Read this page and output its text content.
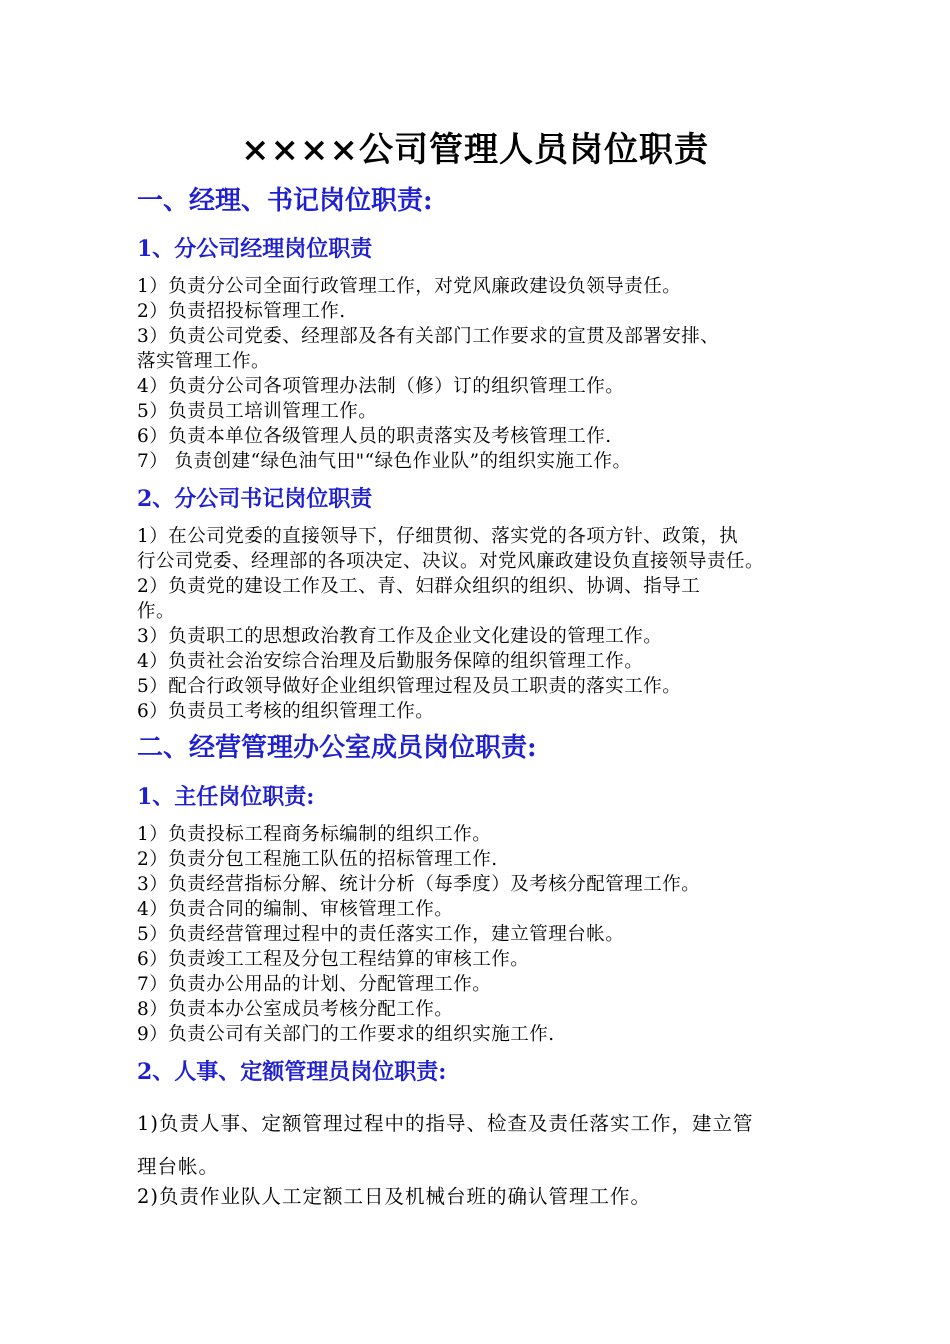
××××公司管理人员岗位职责
一、经理、书记岗位职责:
1、分公司经理岗位职责
1）负责分公司全面行政管理工作，对党风廉政建设负领导责任。
2）负责招投标管理工作.
3）负责公司党委、经理部及各有关部门工作要求的宣贯及部署安排、
落实管理工作。
4）负责分公司各项管理办法制（修）订的组织管理工作。
5）负责员工培训管理工作。
6）负责本单位各级管理人员的职责落实及考核管理工作.
7） 负责创建“绿色油气田"“绿色作业队”的组织实施工作。
2、分公司书记岗位职责
1）在公司党委的直接领导下，仔细贯彻、落实党的各项方针、政策，执
行公司党委、经理部的各项决定、决议。对党风廉政建设负直接领导责任。
2）负责党的建设工作及工、青、妇群众组织的组织、协调、指导工
作。
3）负责职工的思想政治教育工作及企业文化建设的管理工作。
4）负责社会治安综合治理及后勤服务保障的组织管理工作。
5）配合行政领导做好企业组织管理过程及员工职责的落实工作。
6）负责员工考核的组织管理工作。
二、经营管理办公室成员岗位职责:
1、主任岗位职责:
1）负责投标工程商务标编制的组织工作。
2）负责分包工程施工队伍的招标管理工作.
3）负责经营指标分解、统计分析（每季度）及考核分配管理工作。
4）负责合同的编制、审核管理工作。
5）负责经营管理过程中的责任落实工作，建立管理台帐。
6）负责竣工工程及分包工程结算的审核工作。
7）负责办公用品的计划、分配管理工作。
8）负责本办公室成员考核分配工作。
9）负责公司有关部门的工作要求的组织实施工作.
2、人事、定额管理员岗位职责:
1)负责人事、定额管理过程中的指导、检查及责任落实工作，建立管
理台帐。
2)负责作业队人工定额工日及机械台班的确认管理工作。
